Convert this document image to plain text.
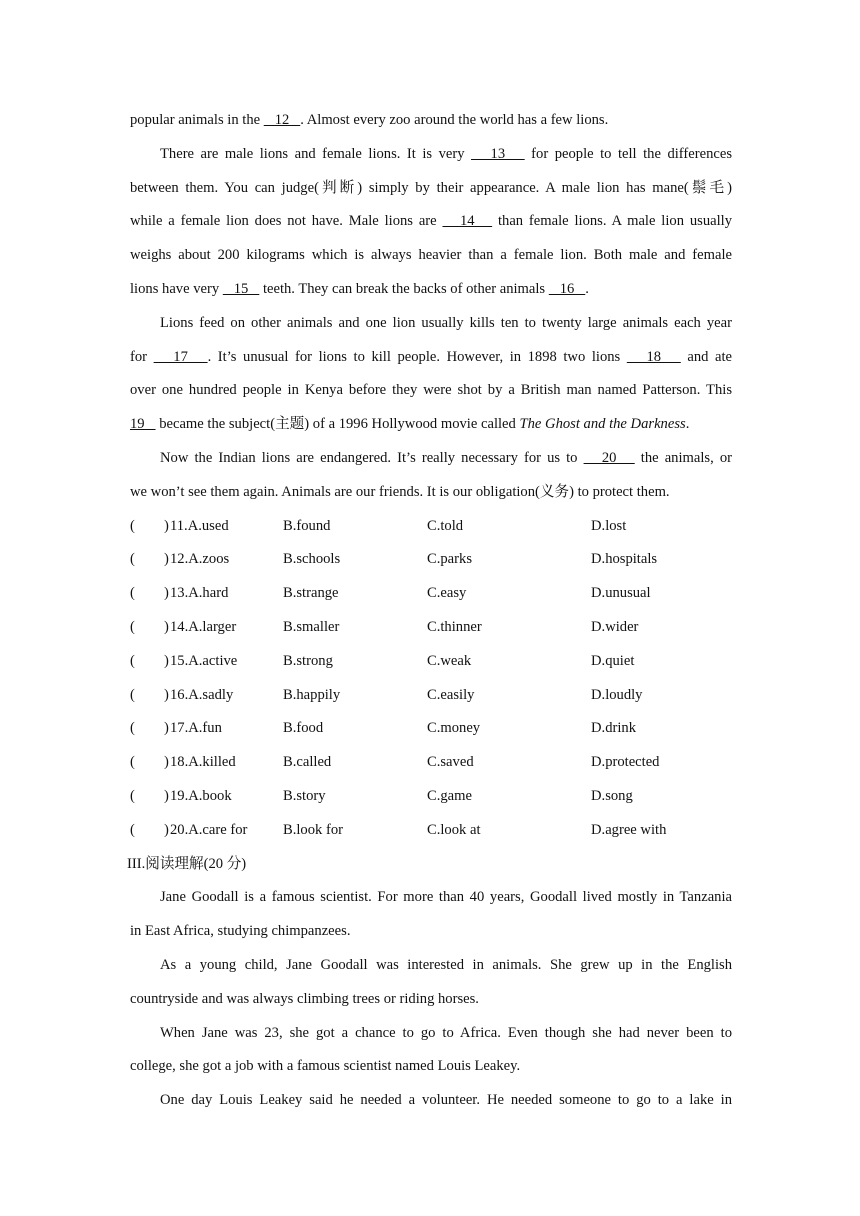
popular animals in the    12   . Almost every zoo around the world has a few lions.
There are male lions and female lions. It is very    13    for people to tell the differences
between them. You can judge(判断) simply by their appearance. A male lion has mane(鬃毛)
while a female lion does not have. Male lions are    14    than female lions. A male lion usually
weighs about 200 kilograms which is always heavier than a female lion. Both male and female
lions have very    15    teeth. They can break the backs of other animals    16   .
Lions feed on other animals and one lion usually kills ten to twenty large animals each year
for    17   . It’s unusual for lions to kill people. However, in 1898 two lions    18    and ate
over one hundred people in Kenya before they were shot by a British man named Patterson. This
19    became the subject(主题) of a 1996 Hollywood movie called The Ghost and the Darkness.
Now the Indian lions are endangered. It’s really necessary for us to    20    the animals, or
we won’t see them again. Animals are our friends. It is our obligation(义务) to protect them.
( ) 11.A.used	B.found	C.told	D.lost
( ) 12.A.zoos	B.schools	C.parks	D.hospitals
( ) 13.A.hard	B.strange	C.easy	D.unusual
( ) 14.A.larger	B.smaller	C.thinner	D.wider
( ) 15.A.active	B.strong	C.weak	D.quiet
( ) 16.A.sadly	B.happily	C.easily	D.loudly
( ) 17.A.fun	B.food	C.money	D.drink
( ) 18.A.killed	B.called	C.saved	D.protected
( ) 19.A.book	B.story	C.game	D.song
( ) 20.A.care for B.look for	C.look at	D.agree with
III.阅读理解(20 分)
Jane Goodall is a famous scientist. For more than 40 years, Goodall lived mostly in Tanzania
in East Africa, studying chimpanzees.
As a young child, Jane Goodall was interested in animals. She grew up in the English
countryside and was always climbing trees or riding horses.
When Jane was 23, she got a chance to go to Africa. Even though she had never been to
college, she got a job with a famous scientist named Louis Leakey.
One day Louis Leakey said he needed a volunteer. He needed someone to go to a lake in
